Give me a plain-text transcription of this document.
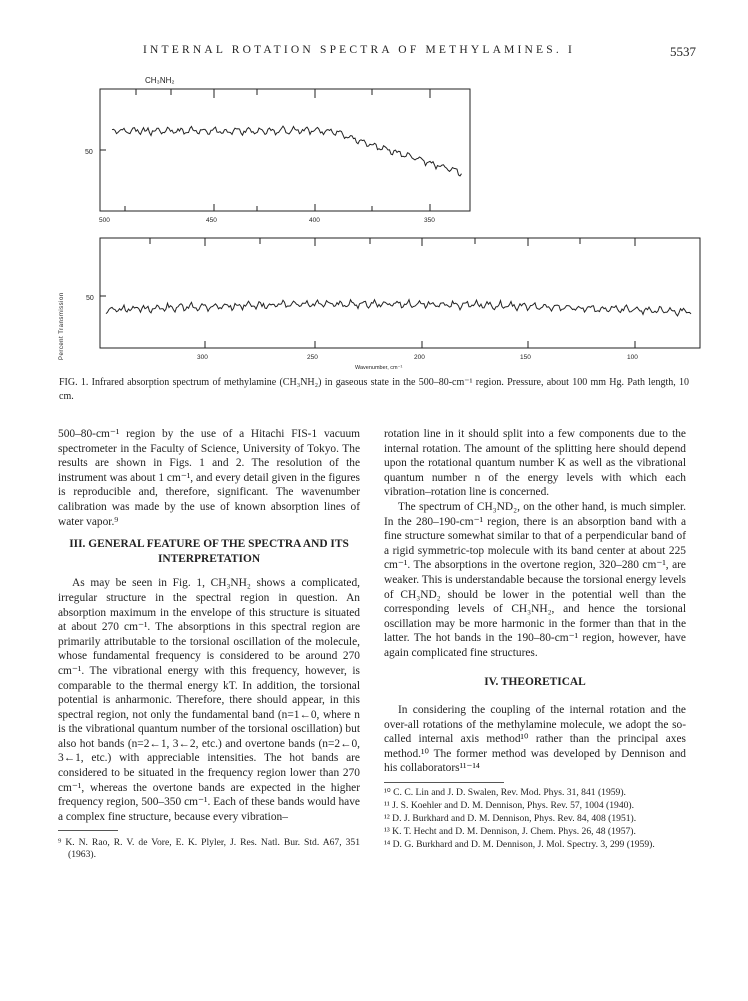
INTERNAL ROTATION SPECTRA OF METHYLAMINES. I	5537
CH₃NH₂
50
500	450	400	350
Percent Transmission	50
300	250	200	150	100
Wavenumber, cm⁻¹
FIG. 1. Infrared absorption spectrum of methylamine (CH₃NH₂) in gaseous state in the 500–80-cm⁻¹ region. Pressure, about 100 mm Hg. Path length, 10 cm.

500–80-cm⁻¹ region by the use of a Hitachi FIS-1 vacuum spectrometer in the Faculty of Science, University of Tokyo. The results are shown in Figs. 1 and 2. The resolution of the instrument was about 1 cm⁻¹, and every detail given in the figures is reproducible and, therefore, significant. The wavenumber calibration was made by the use of known absorption lines of water vapor.⁹

III. GENERAL FEATURE OF THE SPECTRA AND ITS INTERPRETATION

As may be seen in Fig. 1, CH₃NH₂ shows a complicated, irregular structure in the spectral region in question. An absorption maximum in the envelope of this structure is situated at about 270 cm⁻¹. The absorptions in this spectral region are primarily attributable to the torsional oscillation of the molecule, whose fundamental frequency is considered to be around 270 cm⁻¹. The vibrational energy with this frequency, however, is comparable to the thermal energy kT. In addition, the torsional potential is anharmonic. Therefore, there should appear, in this spectral region, not only the fundamental band (n=1←0, where n is the vibrational quantum number of the torsional oscillation) but also hot bands (n=2←1, 3←2, etc.) and overtone bands (n=2←0, 3←1, etc.) with appreciable intensities. The hot bands are considered to be situated in the frequency region lower than 270 cm⁻¹, whereas the overtone bands are expected in the higher frequency region, 500–350 cm⁻¹. Each of these bands would have a complex fine structure, because every vibration–

⁹ K. N. Rao, R. V. de Vore, E. K. Plyler, J. Res. Natl. Bur. Std. A67, 351 (1963).

rotation line in it should split into a few components due to the internal rotation. The amount of the splitting here should depend upon the rotational quantum number K as well as the vibrational quantum number n of the energy levels with which each vibration–rotation line is concerned.

The spectrum of CH₃ND₂, on the other hand, is much simpler. In the 280–190-cm⁻¹ region, there is an absorption band with a fine structure somewhat similar to that of a perpendicular band of a rigid symmetric-top molecule with its band center at about 225 cm⁻¹. The absorptions in the overtone region, 320–280 cm⁻¹, are weaker. This is understandable because the torsional energy levels of CH₃ND₂ should be lower in the potential well than the corresponding levels of CH₃NH₂, and hence the torsional oscillation may be more harmonic in the former than that in the latter. The hot bands in the 190–80-cm⁻¹ region, however, have again complicated fine structures.

IV. THEORETICAL

In considering the coupling of the internal rotation and the over-all rotations of the methylamine molecule, we adopt the so-called internal axis method¹⁰ rather than the principal axes method.¹⁰ The former method was developed by Dennison and his collaborators¹¹⁻¹⁴

¹⁰ C. C. Lin and J. D. Swalen, Rev. Mod. Phys. 31, 841 (1959).

¹¹ J. S. Koehler and D. M. Dennison, Phys. Rev. 57, 1004 (1940).

¹² D. J. Burkhard and D. M. Dennison, Phys. Rev. 84, 408 (1951).

¹³ K. T. Hecht and D. M. Dennison, J. Chem. Phys. 26, 48 (1957).

¹⁴ D. G. Burkhard and D. M. Dennison, J. Mol. Spectry. 3, 299 (1959).
